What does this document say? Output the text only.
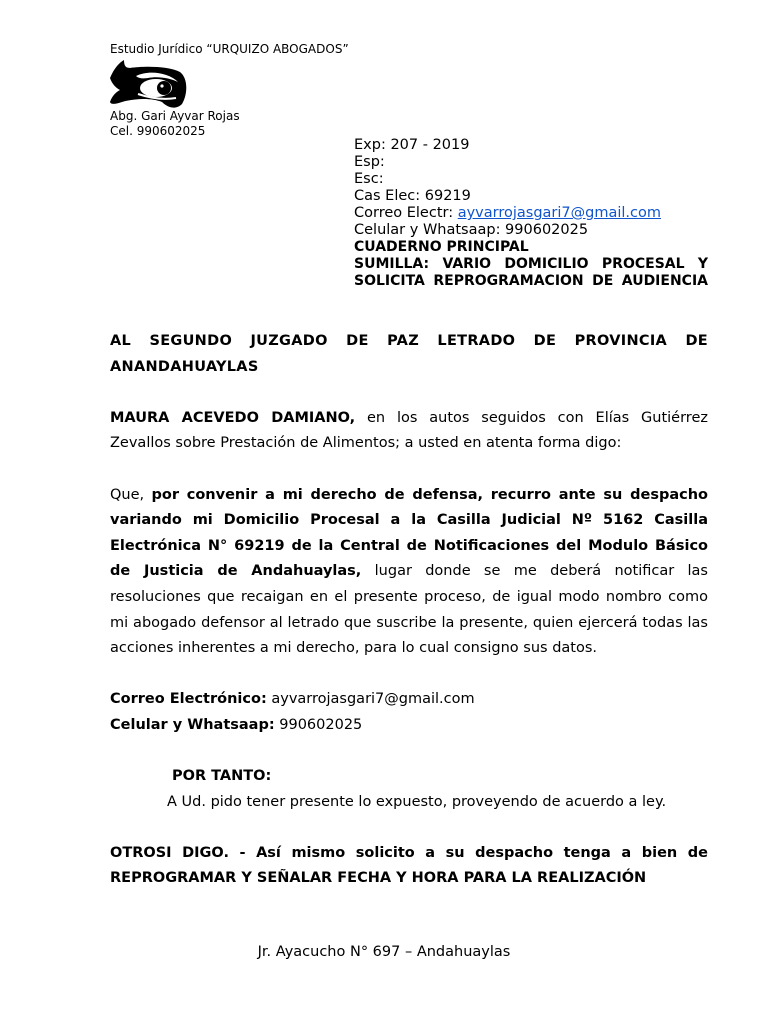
Estudio Jurídico “URQUIZO ABOGADOS”
Abg. Gari Ayvar Rojas
Cel. 990602025
Exp: 207 - 2019
Esp:
Esc:
Cas Elec: 69219
Correo Electr: ayvarrojasgari7@gmail.com
Celular y Whatsaap: 990602025
CUADERNO PRINCIPAL
SUMILLA: VARIO DOMICILIO PROCESAL Y SOLICITA REPROGRAMACION DE AUDIENCIA

AL SEGUNDO JUZGADO DE PAZ LETRADO DE PROVINCIA DE ANANDAHUAYLAS

MAURA ACEVEDO DAMIANO, en los autos seguidos con Elías Gutiérrez Zevallos sobre Prestación de Alimentos; a usted en atenta forma digo:

Que, por convenir a mi derecho de defensa, recurro ante su despacho variando mi Domicilio Procesal a la Casilla Judicial Nº 5162 Casilla Electrónica N° 69219 de la Central de Notificaciones del Modulo Básico de Justicia de Andahuaylas, lugar donde se me deberá notificar las resoluciones que recaigan en el presente proceso, de igual modo nombro como mi abogado defensor al letrado que suscribe la presente, quien ejercerá todas las acciones inherentes a mi derecho, para lo cual consigno sus datos.

Correo Electrónico: ayvarrojasgari7@gmail.com

Celular y Whatsaap: 990602025

POR TANTO:

A Ud. pido tener presente lo expuesto, proveyendo de acuerdo a ley.

OTROSI DIGO. - Así mismo solicito a su despacho tenga a bien de REPROGRAMAR Y SEÑALAR FECHA Y HORA PARA LA REALIZACIÓN

Jr. Ayacucho N° 697 – Andahuaylas
